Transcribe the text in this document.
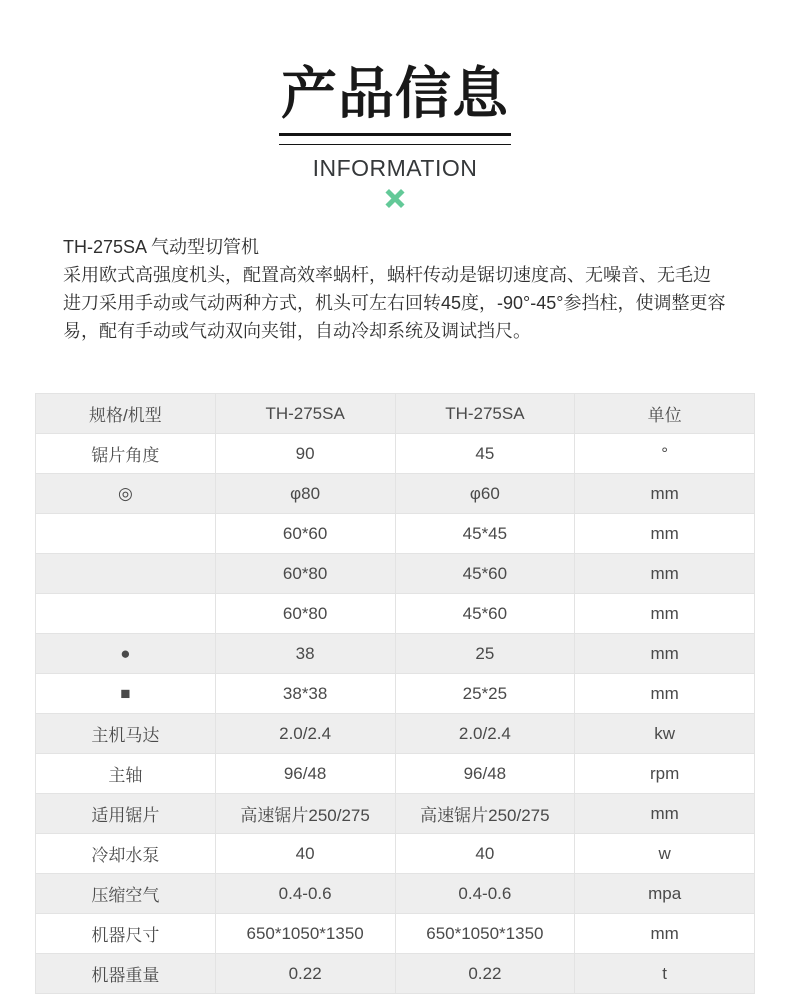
产品信息
INFORMATION
TH-275SA 气动型切管机
采用欧式高强度机头，配置高效率蜗杆，蜗杆传动是锯切速度高、无噪音、无毛边
进刀采用手动或气动两种方式，机头可左右回转45度，-90°-45°参挡柱，使调整更容
易，配有手动或气动双向夹钳，自动冷却系统及调试挡尺。
规格/机型	TH-275SA	TH-275SA	单位
锯片角度	90	45	°
◎	φ80	φ60	mm
	60*60	45*45	mm
	60*80	45*60	mm
	60*80	45*60	mm
●	38	25	mm
■	38*38	25*25	mm
主机马达	2.0/2.4	2.0/2.4	kw
主轴	96/48	96/48	rpm
适用锯片	高速锯片250/275	高速锯片250/275	mm
冷却水泵	40	40	w
压缩空气	0.4-0.6	0.4-0.6	mpa
机器尺寸	650*1050*1350	650*1050*1350	mm
机器重量	0.22	0.22	t
